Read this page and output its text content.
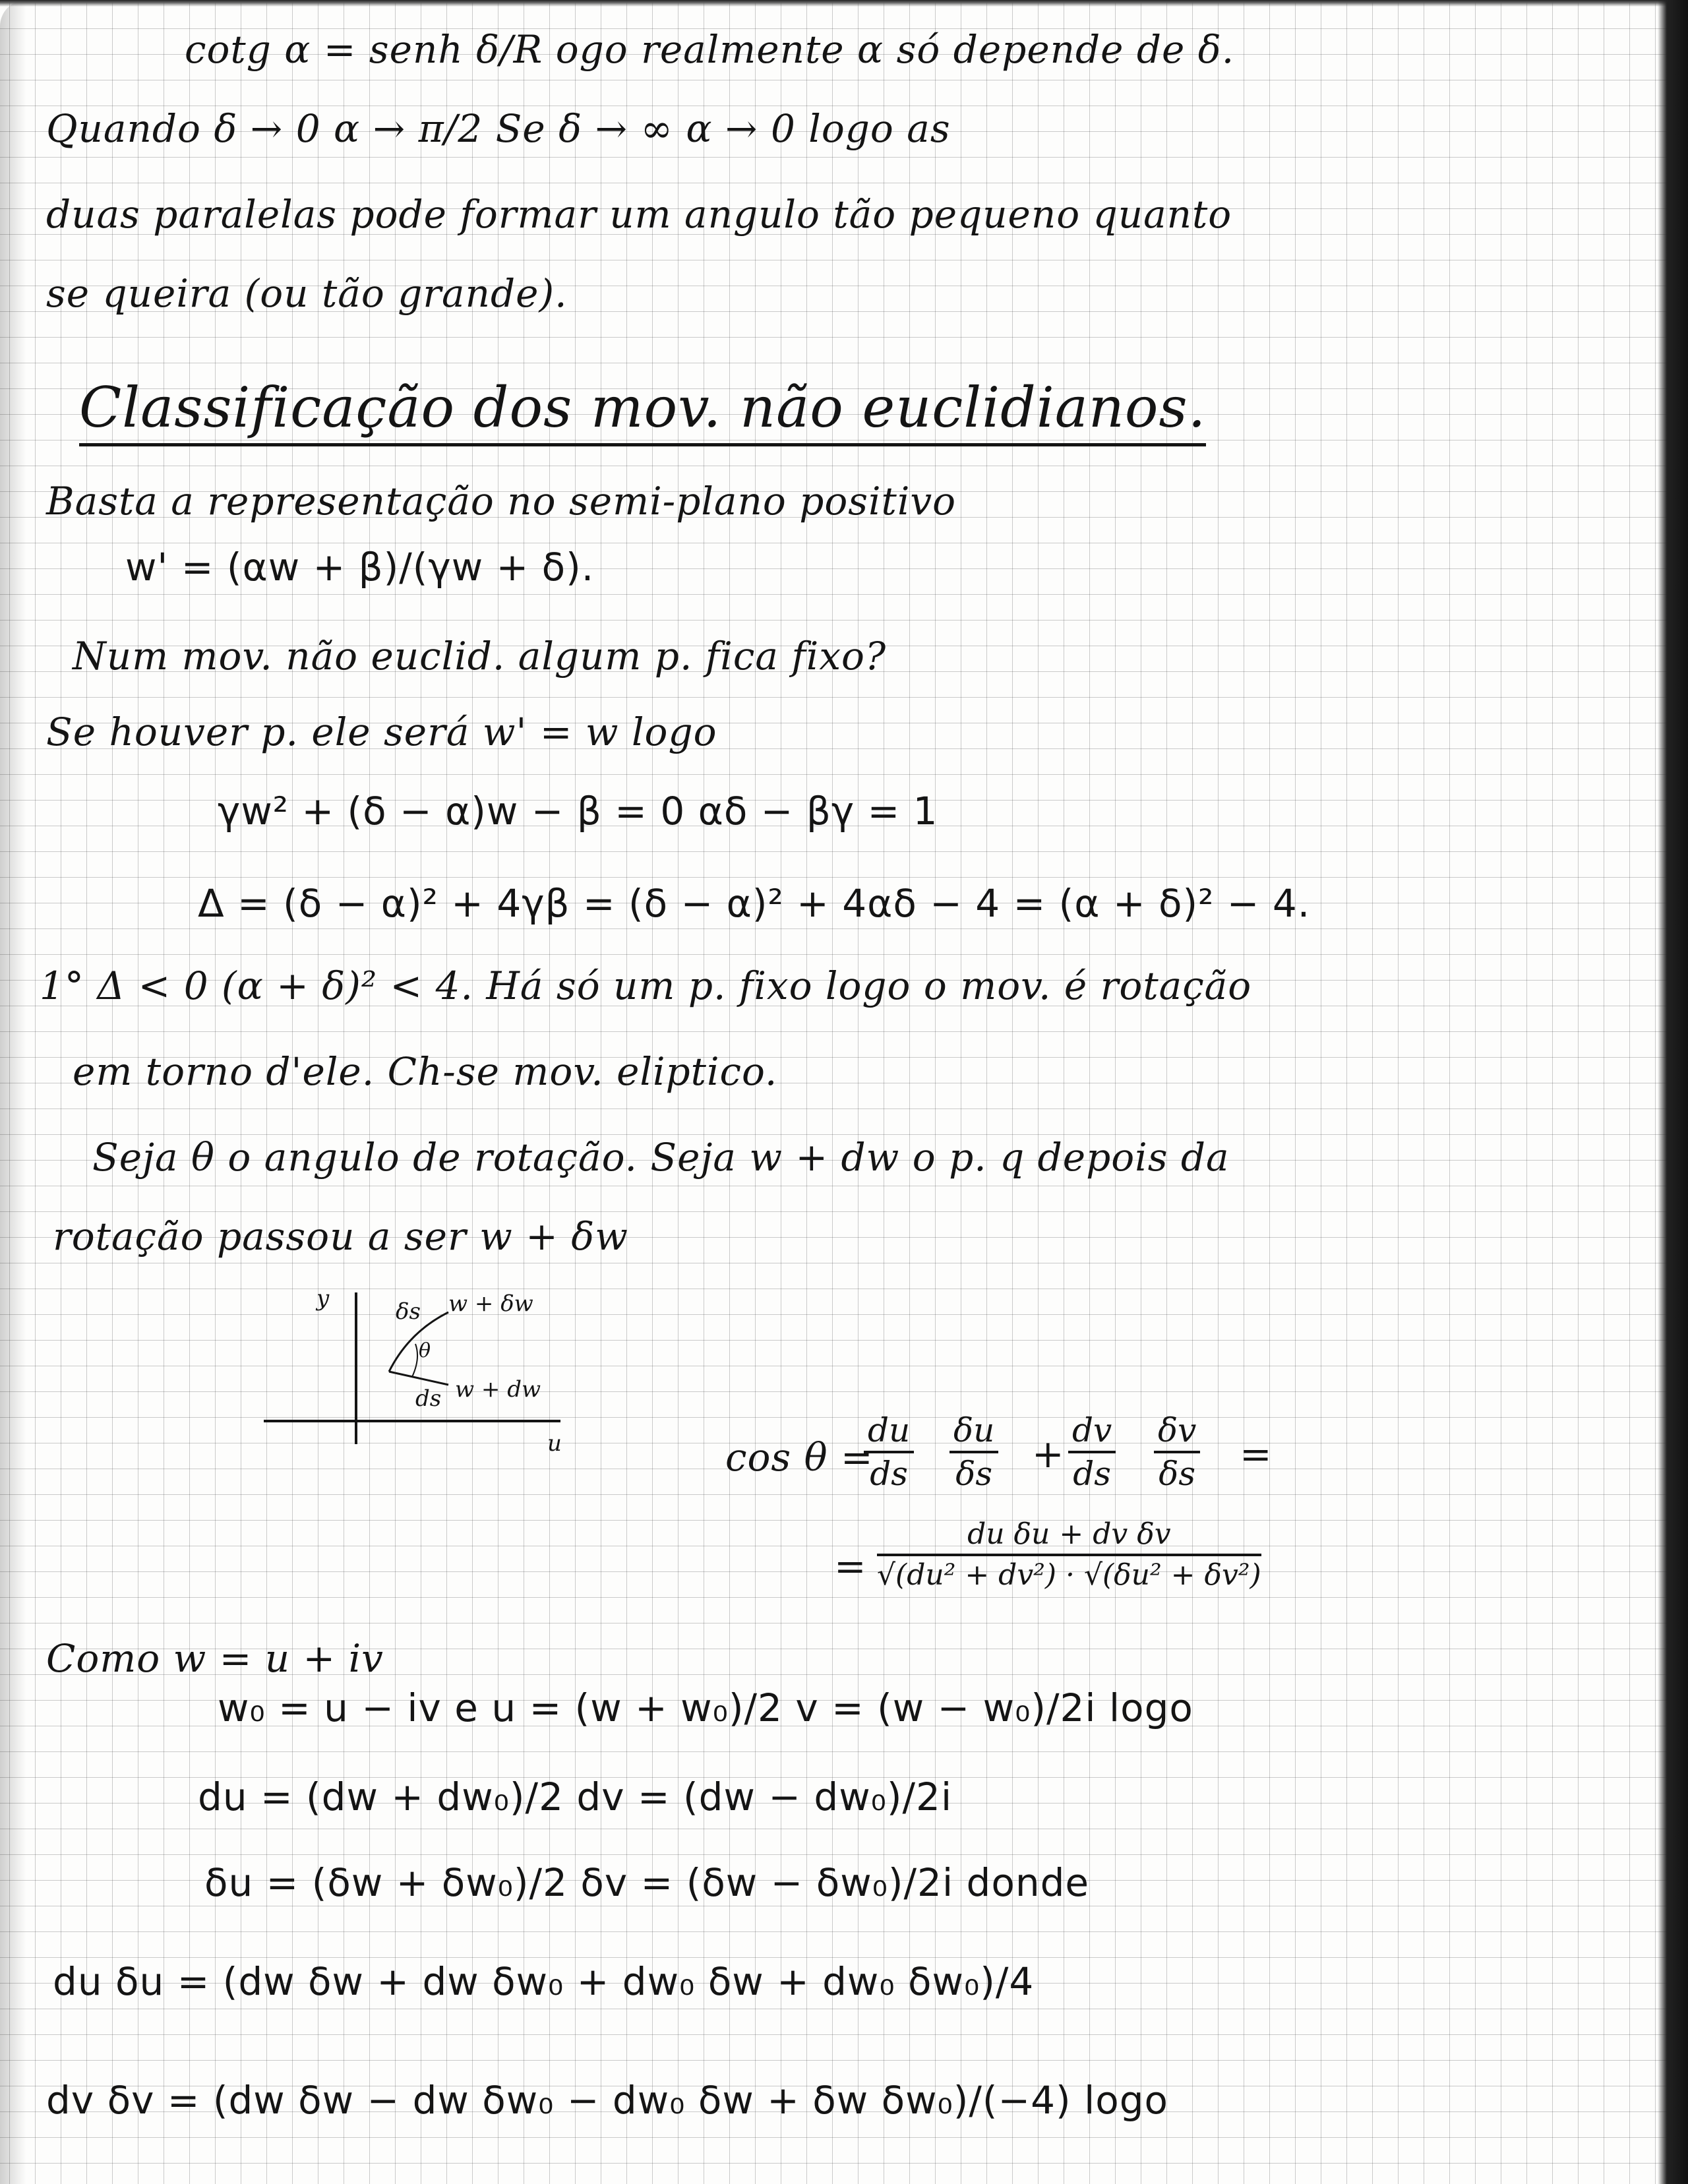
cotg α = senh δ/R ogo realmente α só depende de δ.
Quando δ → 0 α → π/2 Se δ → ∞ α → 0 logo as
duas paralelas pode formar um angulo tão pequeno quanto
se queira (ou tão grande).
Classificação dos mov. não euclidianos.
Basta a representação no semi-plano positivo
w' = (αw + β)/(γw + δ).
Num mov. não euclid. algum p. fica fixo?
Se houver p. ele será w' = w logo
γw² + (δ − α)w − β = 0 αδ − βγ = 1
Δ = (δ − α)² + 4γβ = (δ − α)² + 4αδ − 4 = (α + δ)² − 4.
1° Δ < 0 (α + δ)² < 4. Há só um p. fixo logo o mov. é rotação
em torno d'ele. Ch-se mov. eliptico.
Seja θ o angulo de rotação. Seja w + dw o p. q depois da
rotação passou a ser w + δw
δs w + δw
θ
ds w + dw
y
u	cos θ =
$\frac{du}{ds} \frac{\delta u}{\delta s} + \frac{dv}{ds} \frac{\delta v}{\delta s}$ =
= $\frac{\text{du δu + dv δv}}{\text{√(du² + dv²) · √(δu² + δv²)}}$
Como w = u + iv
w₀ = u − iv e u = (w + w₀)/2 v = (w − w₀)/2i logo
du = (dw + dw₀)/2 dv = (dw − dw₀)/2i
δu = (δw + δw₀)/2 δv = (δw − δw₀)/2i donde
du δu = (dw δw + dw δw₀ + dw₀ δw + dw₀ δw₀)/4
dv δv = (dw δw − dw δw₀ − dw₀ δw + δw δw₀)/(−4) logo
